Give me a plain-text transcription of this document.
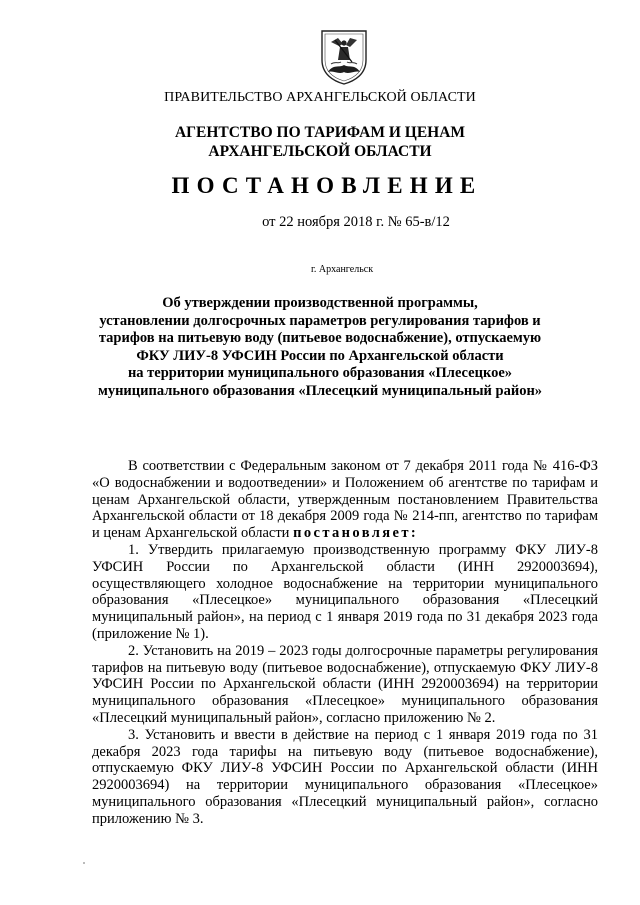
ПРАВИТЕЛЬСТВО АРХАНГЕЛЬСКОЙ ОБЛАСТИ
АГЕНТСТВО ПО ТАРИФАМ И ЦЕНАМ
АРХАНГЕЛЬСКОЙ ОБЛАСТИ
ПОСТАНОВЛЕНИЕ
от 22 ноября 2018 г. № 65-в/12
г. Архангельск
Об утверждении производственной программы,
установлении долгосрочных параметров регулирования тарифов и
тарифов на питьевую воду (питьевое водоснабжение), отпускаемую
ФКУ ЛИУ-8 УФСИН России по Архангельской области
на территории муниципального образования «Плесецкое»
муниципального образования «Плесецкий муниципальный район»

В соответствии с Федеральным законом от 7 декабря 2011 года № 416-ФЗ «О водоснабжении и водоотведении» и Положением об агентстве по тарифам и ценам Архангельской области, утвержденным постановлением Правительства Архангельской области от 18 декабря 2009 года № 214-пп, агентство по тарифам и ценам Архангельской области постановляет:

1. Утвердить прилагаемую производственную программу ФКУ ЛИУ-8 УФСИН России по Архангельской области (ИНН 2920003694), осуществляющего холодное водоснабжение на территории муниципального образования «Плесецкое» муниципального образования «Плесецкий муниципальный район», на период с 1 января 2019 года по 31 декабря 2023 года (приложение № 1).

2. Установить на 2019 – 2023 годы долгосрочные параметры регулирования тарифов на питьевую воду (питьевое водоснабжение), отпускаемую ФКУ ЛИУ-8 УФСИН России по Архангельской области (ИНН 2920003694) на территории муниципального образования «Плесецкое» муниципального образования «Плесецкий муниципальный район», согласно приложению № 2.

3. Установить и ввести в действие на период с 1 января 2019 года по 31 декабря 2023 года тарифы на питьевую воду (питьевое водоснабжение), отпускаемую ФКУ ЛИУ-8 УФСИН России по Архангельской области (ИНН 2920003694) на территории муниципального образования «Плесецкое» муниципального образования «Плесецкий муниципальный район», согласно приложению № 3.
